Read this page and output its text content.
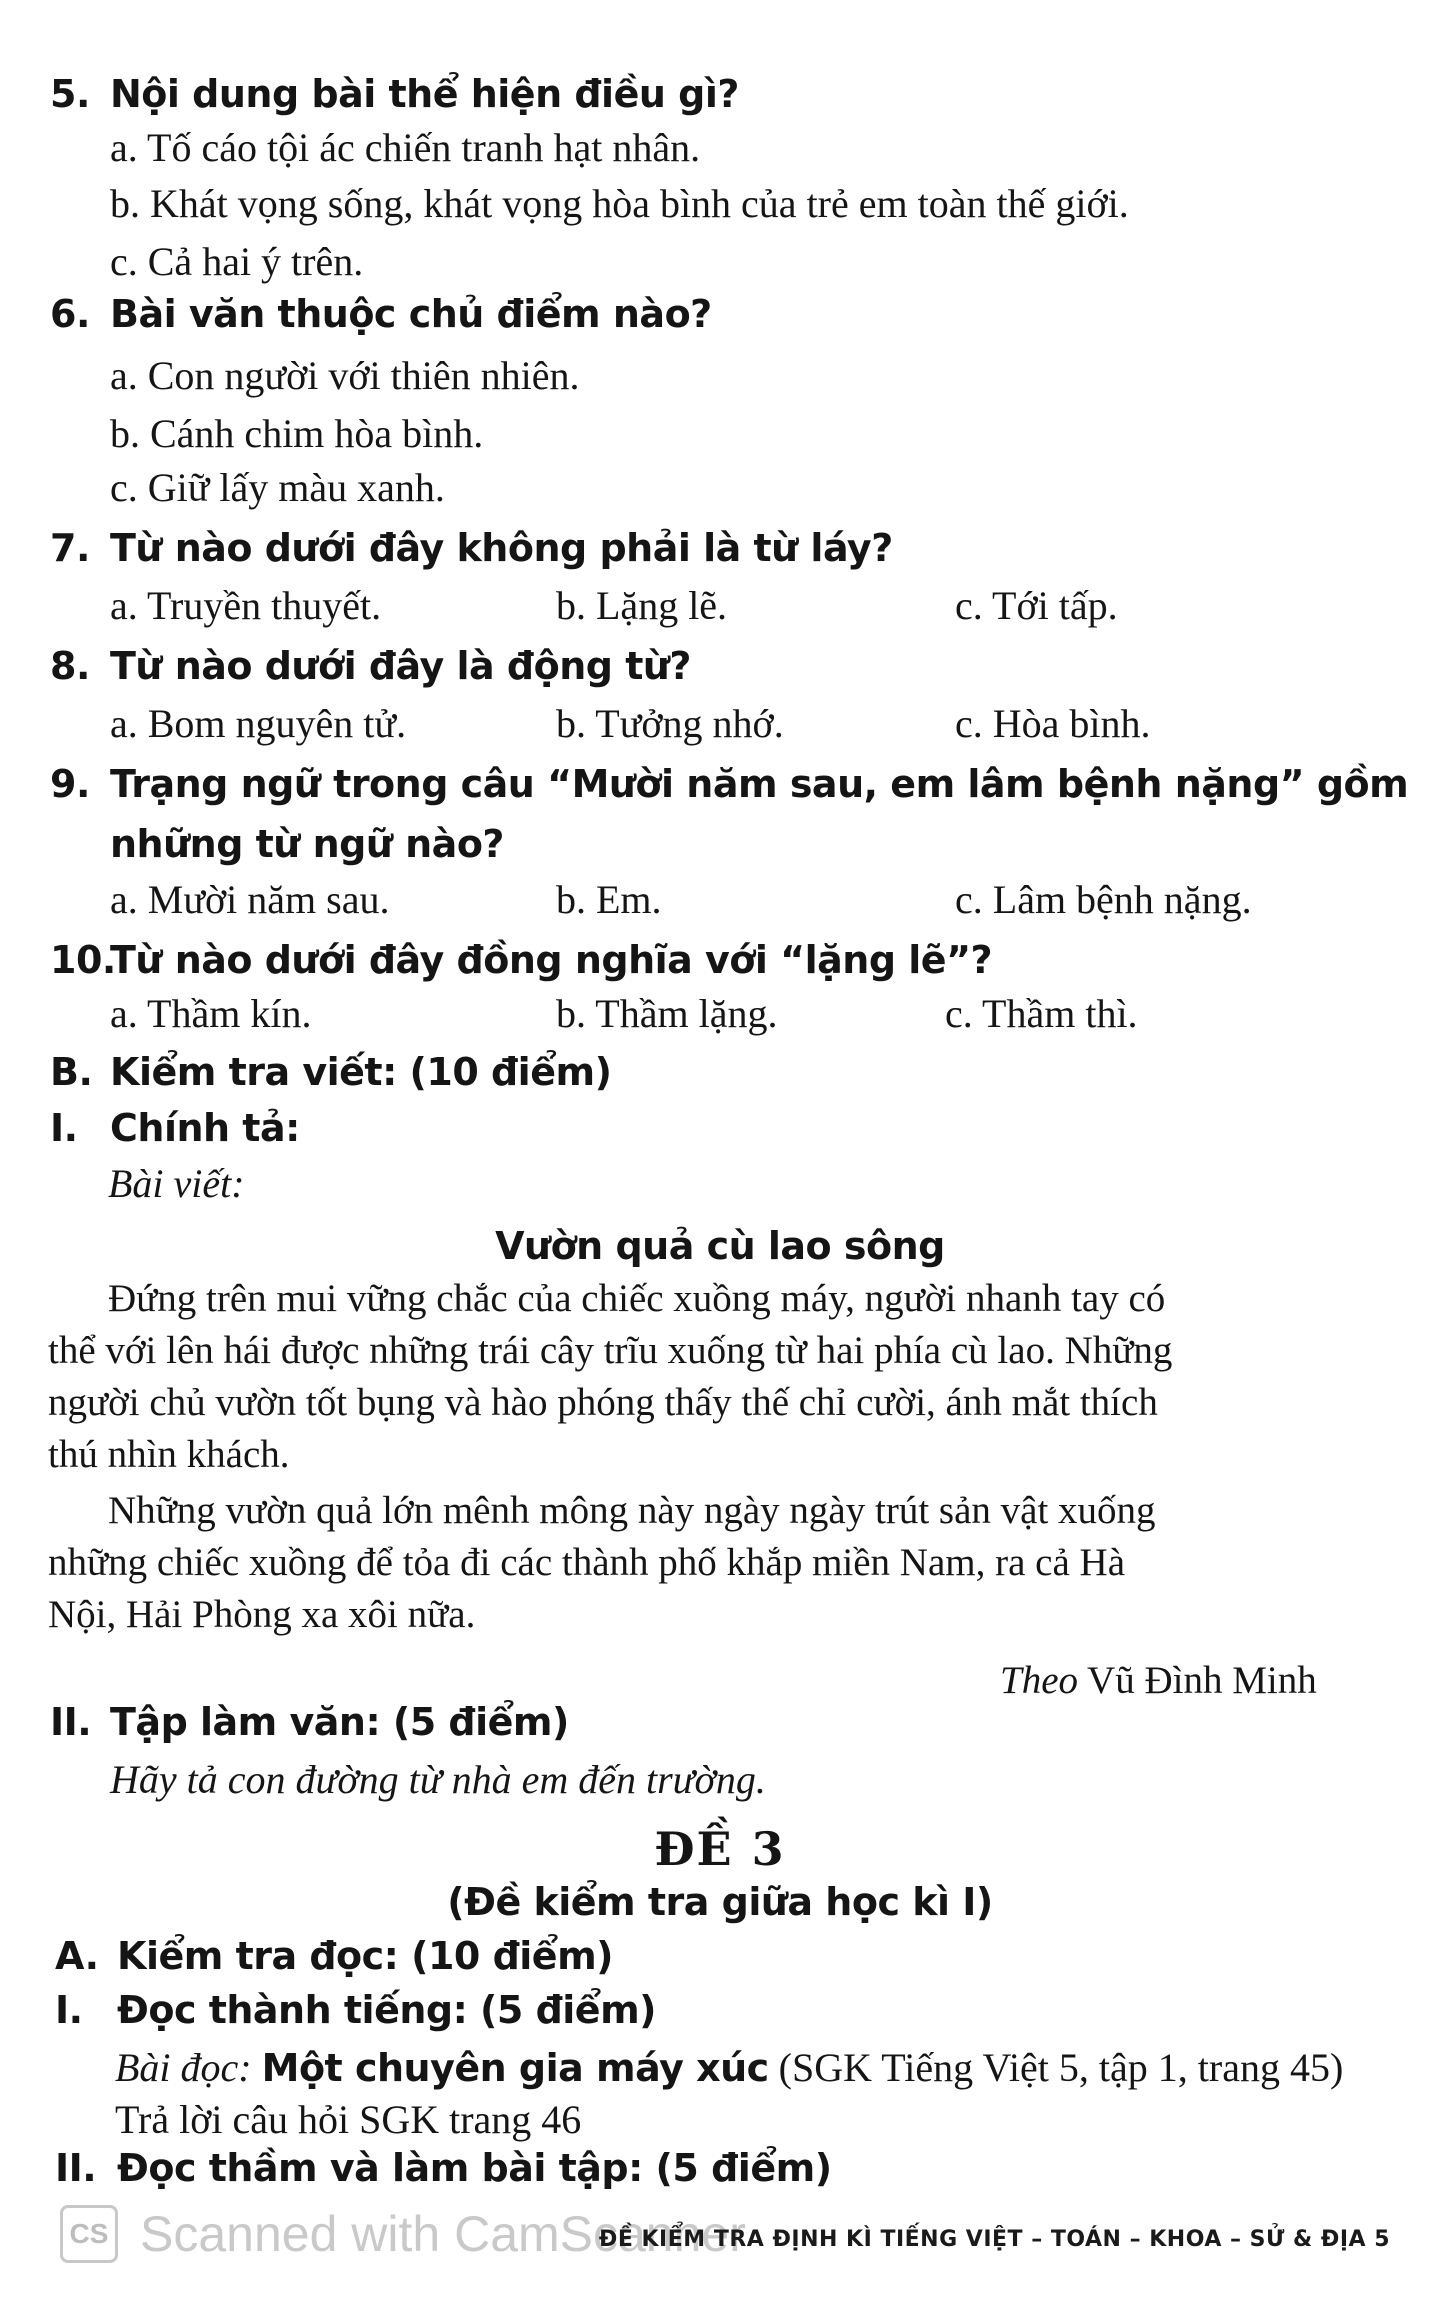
5. Nội dung bài thể hiện điều gì?
a. Tố cáo tội ác chiến tranh hạt nhân.
b. Khát vọng sống, khát vọng hòa bình của trẻ em toàn thế giới.
c. Cả hai ý trên.
6. Bài văn thuộc chủ điểm nào?
a. Con người với thiên nhiên.
b. Cánh chim hòa bình.
c. Giữ lấy màu xanh.
7. Từ nào dưới đây không phải là từ láy?
a. Truyền thuyết.	b. Lặng lẽ.	c. Tới tấp.
8. Từ nào dưới đây là động từ?
a. Bom nguyên tử.	b. Tưởng nhớ.	c. Hòa bình.
9. Trạng ngữ trong câu “Mười năm sau, em lâm bệnh nặng” gồm
những từ ngữ nào?
a. Mười năm sau.	b. Em.	c. Lâm bệnh nặng.
10.Từ nào dưới đây đồng nghĩa với “lặng lẽ”?
a. Thầm kín.	b. Thầm lặng.	c. Thầm thì.
B. Kiểm tra viết: (10 điểm)
I. Chính tả:
Bài viết:
Vườn quả cù lao sông
Đứng trên mui vững chắc của chiếc xuồng máy, người nhanh tay có
thể với lên hái được những trái cây trĩu xuống từ hai phía cù lao. Những
người chủ vườn tốt bụng và hào phóng thấy thế chỉ cười, ánh mắt thích
thú nhìn khách.
Những vườn quả lớn mênh mông này ngày ngày trút sản vật xuống
những chiếc xuồng để tỏa đi các thành phố khắp miền Nam, ra cả Hà
Nội, Hải Phòng xa xôi nữa.
Theo Vũ Đình Minh
II. Tập làm văn: (5 điểm)
Hãy tả con đường từ nhà em đến trường.
ĐỀ 3
(Đề kiểm tra giữa học kì I)
A. Kiểm tra đọc: (10 điểm)
I. Đọc thành tiếng: (5 điểm)
Bài đọc: Một chuyên gia máy xúc (SGK Tiếng Việt 5, tập 1, trang 45)
Trả lời câu hỏi SGK trang 46
II. Đọc thầm và làm bài tập: (5 điểm)
CS Scanned with CamScanner
ĐỀ KIỂM TRA ĐỊNH KÌ TIẾNG VIỆT – TOÁN – KHOA – SỬ & ĐỊA 5
